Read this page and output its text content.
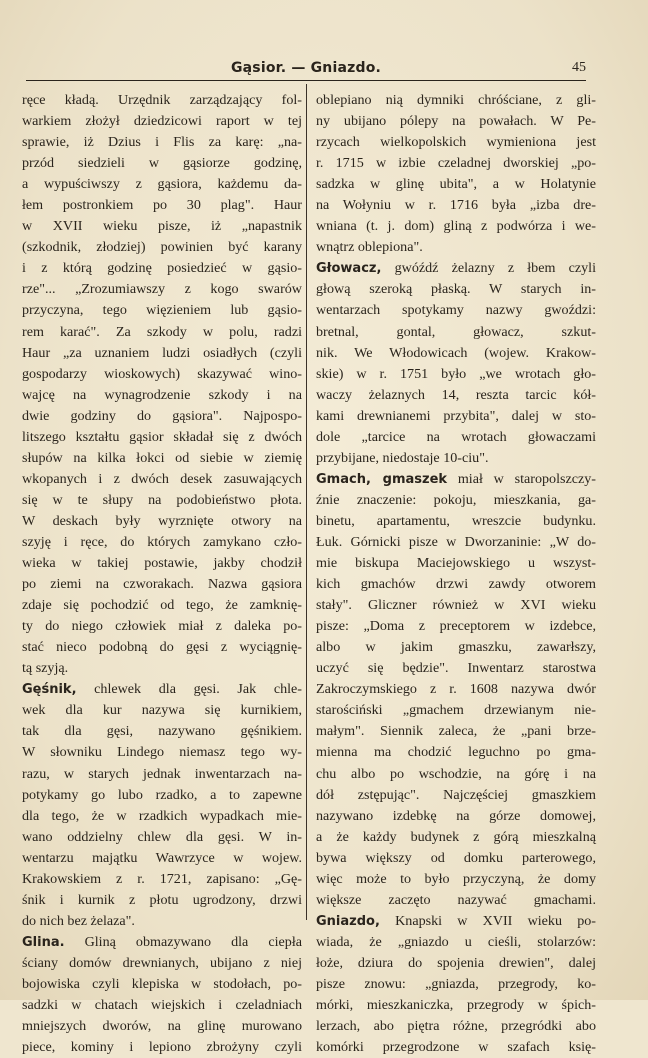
Gąsior. — Gniazdo.	45
ręce kładą. Urzędnik zarządzający fol-
warkiem złożył dziedzicowi raport w tej
sprawie, iż Dzius i Flis za karę: „na-
przód siedzieli w gąsiorze godzinę,
a wypuściwszy z gąsiora, każdemu da-
łem postronkiem po 30 plag". Haur
w XVII wieku pisze, iż „napastnik
(szkodnik, złodziej) powinien być karany
i z którą godzinę posiedzieć w gąsio-
rze"... „Zrozumiawszy z kogo swarów
przyczyna, tego więzieniem lub gąsio-
rem karać". Za szkody w polu, radzi
Haur „za uznaniem ludzi osiadłych (czyli
gospodarzy wioskowych) skazywać wino-
wajcę na wynagrodzenie szkody i na
dwie godziny do gąsiora". Najpospo-
litszego kształtu gąsior składał się z dwóch
słupów na kilka łokci od siebie w ziemię
wkopanych i z dwóch desek zasuwających
się w te słupy na podobieństwo płota.
W deskach były wyrznięte otwory na
szyję i ręce, do których zamykano czło-
wieka w takiej postawie, jakby chodził
po ziemi na czworakach. Nazwa gąsiora
zdaje się pochodzić od tego, że zamknię-
ty do niego człowiek miał z daleka po-
stać nieco podobną do gęsi z wyciągnię-
tą szyją.
Gęśnik, chlewek dla gęsi. Jak chle-
wek dla kur nazywa się kurnikiem,
tak dla gęsi, nazywano gęśnikiem.
W słowniku Lindego niemasz tego wy-
razu, w starych jednak inwentarzach na-
potykamy go lubo rzadko, a to zapewne
dla tego, że w rzadkich wypadkach mie-
wano oddzielny chlew dla gęsi. W in-
wentarzu majątku Wawrzyce w wojew.
Krakowskiem z r. 1721, zapisano: „Gę-
śnik i kurnik z płotu ugrodzony, drzwi
do nich bez żelaza".
Glina. Gliną obmazywano dla ciepła
ściany domów drewnianych, ubijano z niej
bojowiska czyli klepiska w stodołach, po-
sadzki w chatach wiejskich i czeladniach
mniejszych dworów, na glinę murowano
piece, kominy i lepiono zbrożyny czyli
oblepiano nią dymniki chróściane, z gli-
ny ubijano pólepy na powałach. W Pe-
rzycach wielkopolskich wymieniona jest
r. 1715 w izbie czeladnej dworskiej „po-
sadzka w glinę ubita", a w Holatynie
na Wołyniu w r. 1716 była „izba dre-
wniana (t. j. dom) gliną z podwórza i we-
wnątrz oblepiona".
Głowacz, gwóźdź żelazny z łbem czyli
głową szeroką płaską. W starych in-
wentarzach spotykamy nazwy gwoździ:
bretnal, gontal, głowacz, szkut-
nik. We Włodowicach (wojew. Krakow-
skie) w r. 1751 było „we wrotach gło-
waczy żelaznych 14, reszta tarcic kół-
kami drewnianemi przybita", dalej w sto-
dole „tarcice na wrotach głowaczami
przybijane, niedostaje 10-ciu".
Gmach, gmaszek miał w staropolszczy-
źnie znaczenie: pokoju, mieszkania, ga-
binetu, apartamentu, wreszcie budynku.
Łuk. Górnicki pisze w Dworzaninie: „W do-
mie biskupa Maciejowskiego u wszyst-
kich gmachów drzwi zawdy otworem
stały". Gliczner również w XVI wieku
pisze: „Doma z preceptorem w izdebce,
albo w jakim gmaszku, zawarłszy,
uczyć się będzie". Inwentarz starostwa
Zakroczymskiego z r. 1608 nazywa dwór
starościński „gmachem drzewianym nie-
małym". Siennik zaleca, że „pani brze-
mienna ma chodzić leguchno po gma-
chu albo po wschodzie, na górę i na
dół zstępując". Najczęściej gmaszkiem
nazywano izdebkę na górze domowej,
a że każdy budynek z górą mieszkalną
bywa większy od domku parterowego,
więc może to było przyczyną, że domy
większe zaczęto nazywać gmachami.
Gniazdo, Knapski w XVII wieku po-
wiada, że „gniazdo u cieśli, stolarzów:
łoże, dziura do spojenia drewien", dalej
pisze znowu: „gniazda, przegrody, ko-
mórki, mieszkaniczka, przegrody w śpich-
lerzach, abo piętra różne, przegródki abo
komórki przegrodzone w szafach księ-
